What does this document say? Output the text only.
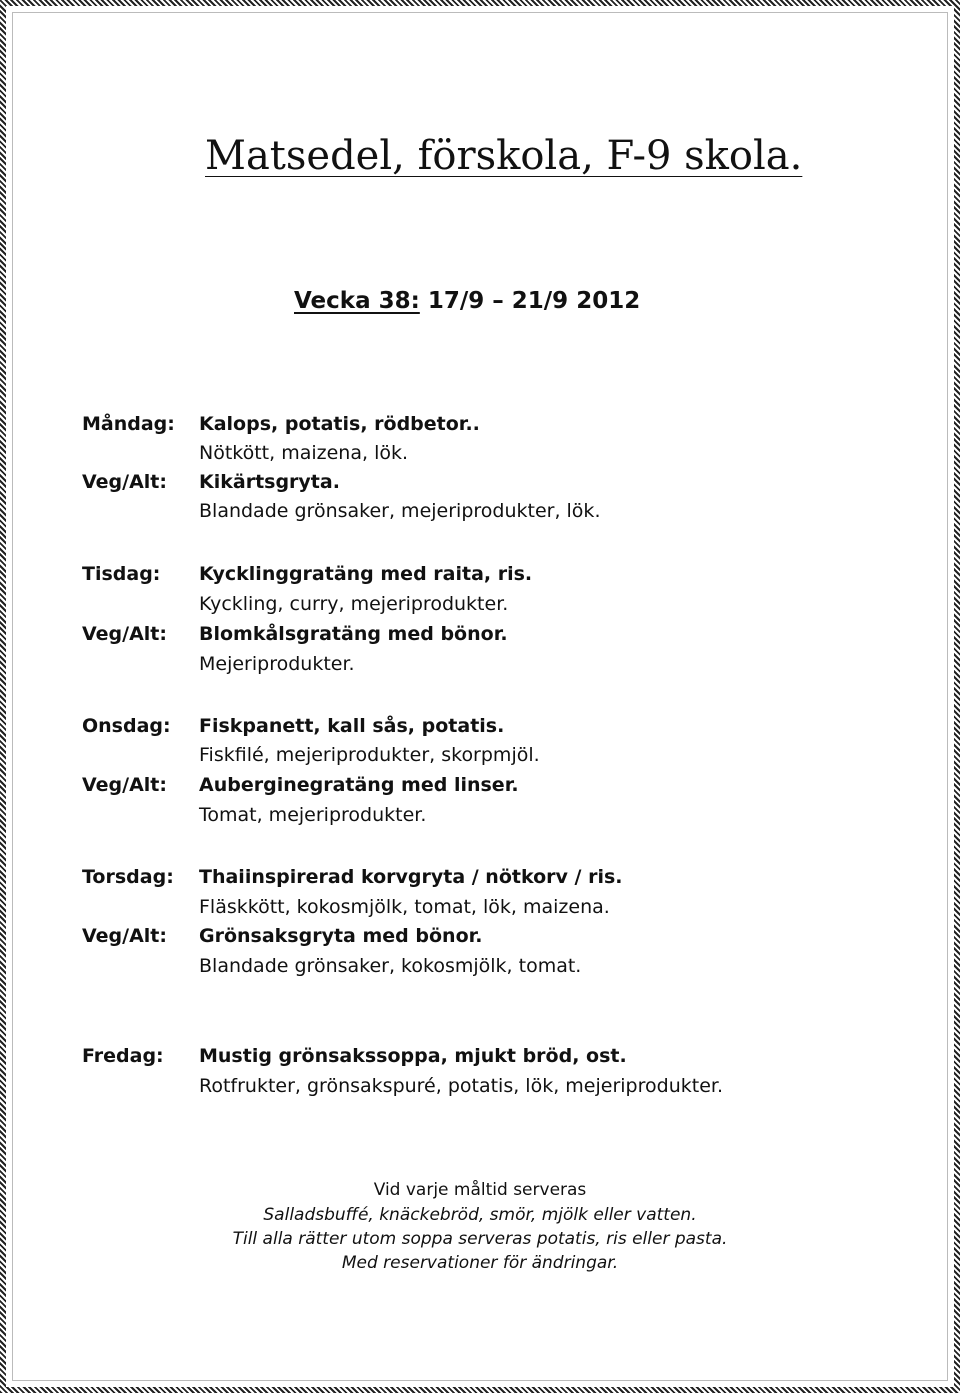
Matsedel, förskola, F-9 skola.
Vecka 38: 17/9 – 21/9 2012
Måndag: Kalops, potatis, rödbetor..
Nötkött, maizena, lök.
Veg/Alt: Kikärtsgryta.
Blandade grönsaker, mejeriprodukter, lök.
Tisdag: Kycklinggratäng med raita, ris.
Kyckling, curry, mejeriprodukter.
Veg/Alt: Blomkålsgratäng med bönor.
Mejeriprodukter.
Onsdag: Fiskpanett, kall sås, potatis.
Fiskfilé, mejeriprodukter, skorpmjöl.
Veg/Alt: Auberginegratäng med linser.
Tomat, mejeriprodukter.
Torsdag: Thaiinspirerad korvgryta / nötkorv / ris.
Fläskkött, kokosmjölk, tomat, lök, maizena.
Veg/Alt: Grönsaksgryta med bönor.
Blandade grönsaker, kokosmjölk, tomat.
Fredag: Mustig grönsakssoppa, mjukt bröd, ost.
Rotfrukter, grönsakspuré, potatis, lök, mejeriprodukter.
Vid varje måltid serveras
Salladsbuffé, knäckebröd, smör, mjölk eller vatten.
Till alla rätter utom soppa serveras potatis, ris eller pasta.
Med reservationer för ändringar.
